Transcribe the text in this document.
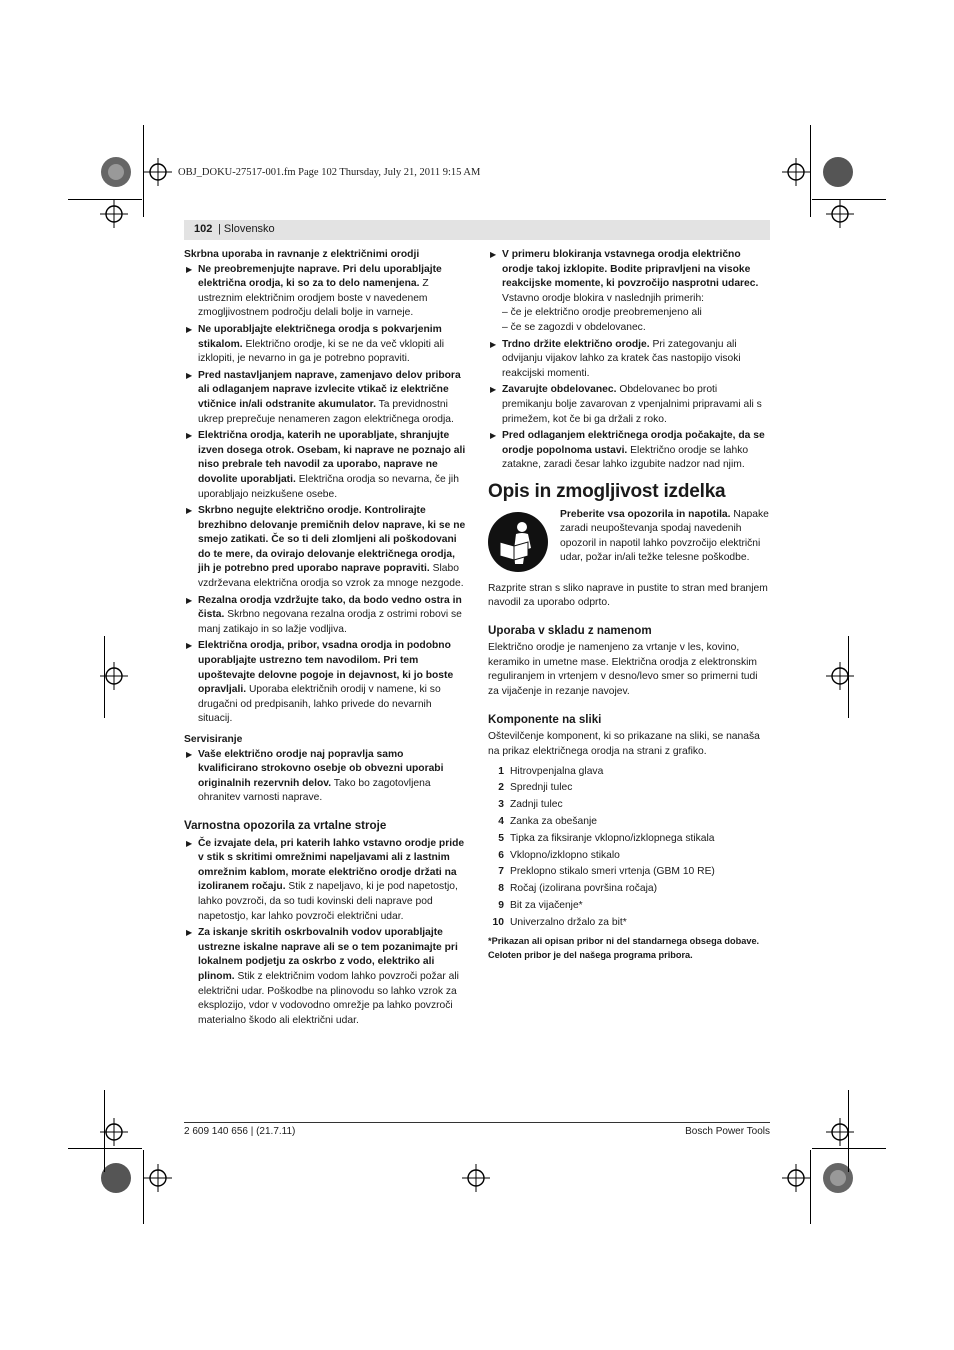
OBJ_DOKU-27517-001.fm Page 102 Thursday, July 21, 2011 9:15 AM
102 | Slovensko

Skrbna uporaba in ravnanje z električnimi orodji

▶ Ne preobremenjujte naprave. Pri delu uporabljajte električna orodja, ki so za to delo namenjena. Z ustreznim električnim orodjem boste v navedenem zmogljivostnem področju delali bolje in varneje.
▶ Ne uporabljajte električnega orodja s pokvarjenim stikalom. Električno orodje, ki se ne da več vklopiti ali izklopiti, je nevarno in ga je potrebno popraviti.
▶ Pred nastavljanjem naprave, zamenjavo delov pribora ali odlaganjem naprave izvlecite vtikač iz električne vtičnice in/ali odstranite akumulator. Ta previdnostni ukrep preprečuje nenameren zagon električnega orodja.
▶ Električna orodja, katerih ne uporabljate, shranjujte izven dosega otrok. Osebam, ki naprave ne poznajo ali niso prebrale teh navodil za uporabo, naprave ne dovolite uporabljati. Električna orodja so nevarna, če jih uporabljajo neizkušene osebe.
▶ Skrbno negujte električno orodje. Kontrolirajte brezhibno delovanje premičnih delov naprave, ki se ne smejo zatikati. Če so ti deli zlomljeni ali poškodovani do te mere, da ovirajo delovanje električnega orodja, jih je potrebno pred uporabo naprave popraviti. Slabo vzdrževana električna orodja so vzrok za mnoge nezgode.
▶ Rezalna orodja vzdržujte tako, da bodo vedno ostra in čista. Skrbno negovana rezalna orodja z ostrimi robovi se manj zatikajo in so lažje vodljiva.
▶ Električna orodja, pribor, vsadna orodja in podobno uporabljajte ustrezno tem navodilom. Pri tem upoštevajte delovne pogoje in dejavnost, ki jo boste opravljali. Uporaba električnih orodij v namene, ki so drugačni od predpisanih, lahko privede do nevarnih situacij.

Servisiranje

▶ Vaše električno orodje naj popravlja samo kvalificirano strokovno osebje ob obvezni uporabi originalnih rezervnih delov. Tako bo zagotovljena ohranitev varnosti naprave.

Varnostna opozorila za vrtalne stroje

▶ Če izvajate dela, pri katerih lahko vstavno orodje pride v stik s skritimi omrežnimi napeljavami ali z lastnim omrežnim kablom, morate električno orodje držati na izoliranem ročaju. Stik z napeljavo, ki je pod napetostjo, lahko povzroči, da so tudi kovinski deli naprave pod napetostjo, kar lahko povzroči električni udar.
▶ Za iskanje skritih oskrbovalnih vodov uporabljajte ustrezne iskalne naprave ali se o tem pozanimajte pri lokalnem podjetju za oskrbo z vodo, elektriko ali plinom. Stik z električnim vodom lahko povzroči požar ali električni udar. Poškodbe na plinovodu so lahko vzrok za eksplozijo, vdor v vodovodno omrežje pa lahko povzroči materialno škodo ali električni udar.
▶ V primeru blokiranja vstavnega orodja električno orodje takoj izklopite. Bodite pripravljeni na visoke reakcijske momente, ki povzročijo nasprotni udarec. Vstavno orodje blokira v naslednjih primerih:
– če je električno orodje preobremenjeno ali
– če se zagozdi v obdelovanec.
▶ Trdno držite električno orodje. Pri zategovanju ali odvijanju vijakov lahko za kratek čas nastopijo visoki reakcijski momenti.
▶ Zavarujte obdelovanec. Obdelovanec bo proti premikanju bolje zavarovan z vpenjalnimi pripravami ali s primežem, kot če bi ga držali z roko.
▶ Pred odlaganjem električnega orodja počakajte, da se orodje popolnoma ustavi. Električno orodje se lahko zatakne, zaradi česar lahko izgubite nadzor nad njim.
Opis in zmogljivost izdelka
Preberite vsa opozorila in napotila. Napake zaradi neupoštevanja spodaj navedenih opozoril in napotil lahko povzročijo električni udar, požar in/ali težke telesne poškodbe.

Razprite stran s sliko naprave in pustite to stran med branjem navodil za uporabo odprto.

Uporaba v skladu z namenom

Električno orodje je namenjeno za vrtanje v les, kovino, keramiko in umetne mase. Električna orodja z elektronskim reguliranjem in vrtenjem v desno/levo smer so primerni tudi za vijačenje in rezanje navojev.

Komponente na sliki

Oštevilčenje komponent, ki so prikazane na sliki, se nanaša na prikaz električnega orodja na strani z grafiko.

1 Hitrovpenjalna glava
2 Sprednji tulec
3 Zadnji tulec
4 Zanka za obešanje
5 Tipka za fiksiranje vklopno/izklopnega stikala
6 Vklopno/izklopno stikalo
7 Preklopno stikalo smeri vrtenja (GBM 10 RE)
8 Ročaj (izolirana površina ročaja)
9 Bit za vijačenje*
10 Univerzalno držalo za bit*

*Prikazan ali opisan pribor ni del standarnega obsega dobave. Celoten pribor je del našega programa pribora.

2 609 140 656 | (21.7.11)	Bosch Power Tools
